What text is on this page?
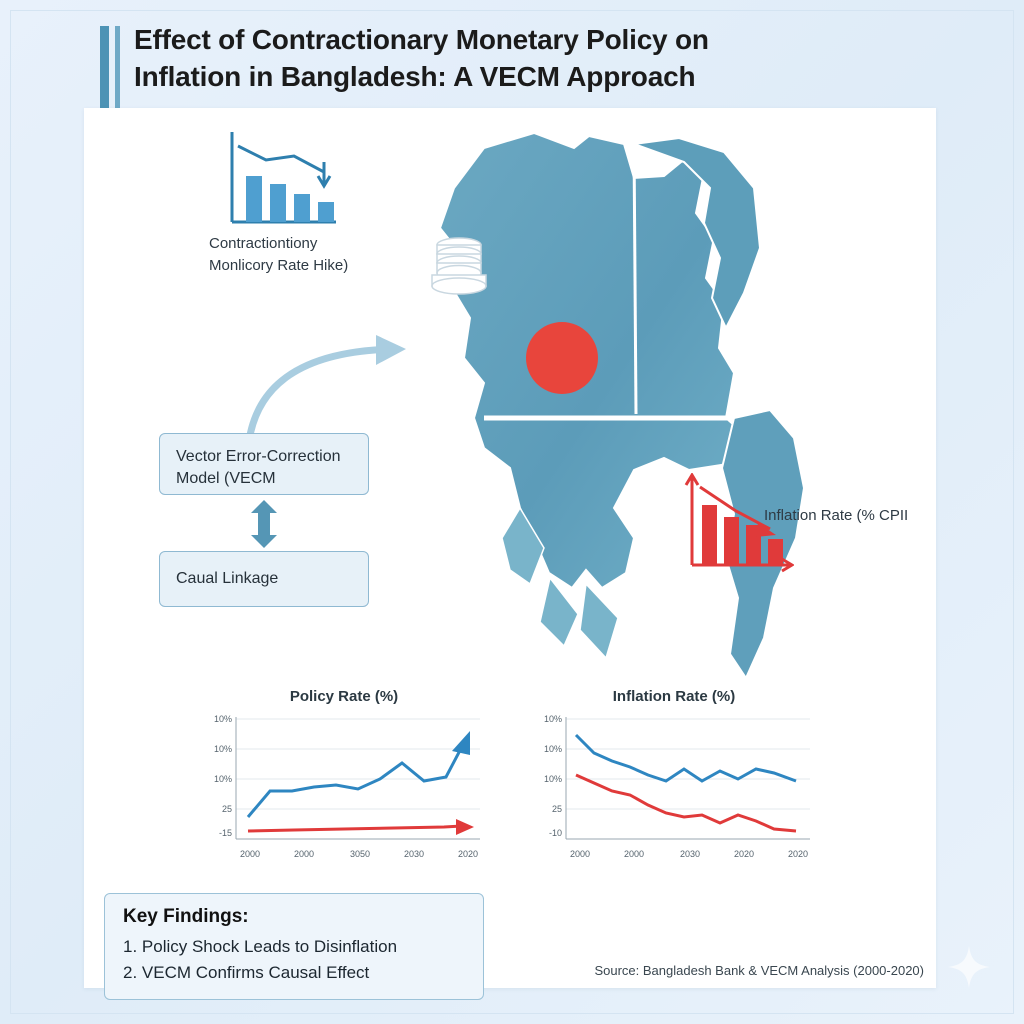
Effect of Contractionary Monetary Policy on Inflation in Bangladesh: A VECM Approach
Contractiontiony Monlicory Rate Hike)
Vector Error-Correction Model (VECM
Caual Linkage
Inflation Rate (% CPII
Policy Rate (%)
10%
10%
10%
25
-15
2000	2000	3050	2030	2020
Inflation Rate (%)
10%
10%
10%
25
-10
2000	2000	2030	2020	2020
Source: Bangladesh Bank & VECM Analysis (2000-2020)
Key Findings:
1. Policy Shock Leads to Disinflation
2. VECM Confirms Causal Effect
